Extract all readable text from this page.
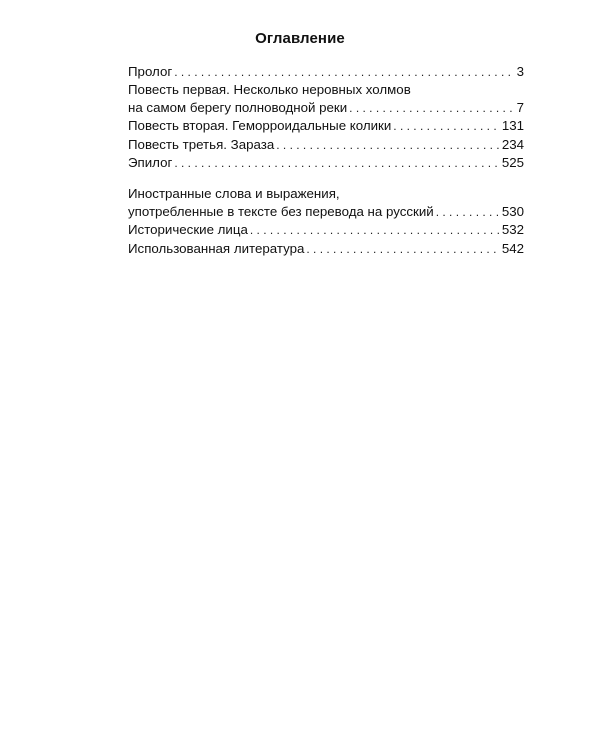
Оглавление
Пролог . . .	3
Повесть первая. Несколько неровных холмов
на самом берегу полноводной реки . . .	7
Повесть вторая. Геморроидальные колики . . .	131
Повесть третья. Зараза . . .	234
Эпилог . . .	525
Иностранные слова и выражения,
употребленные в тексте без перевода на русский . . .	530
Исторические лица . . .	532
Использованная литература . . .	542
